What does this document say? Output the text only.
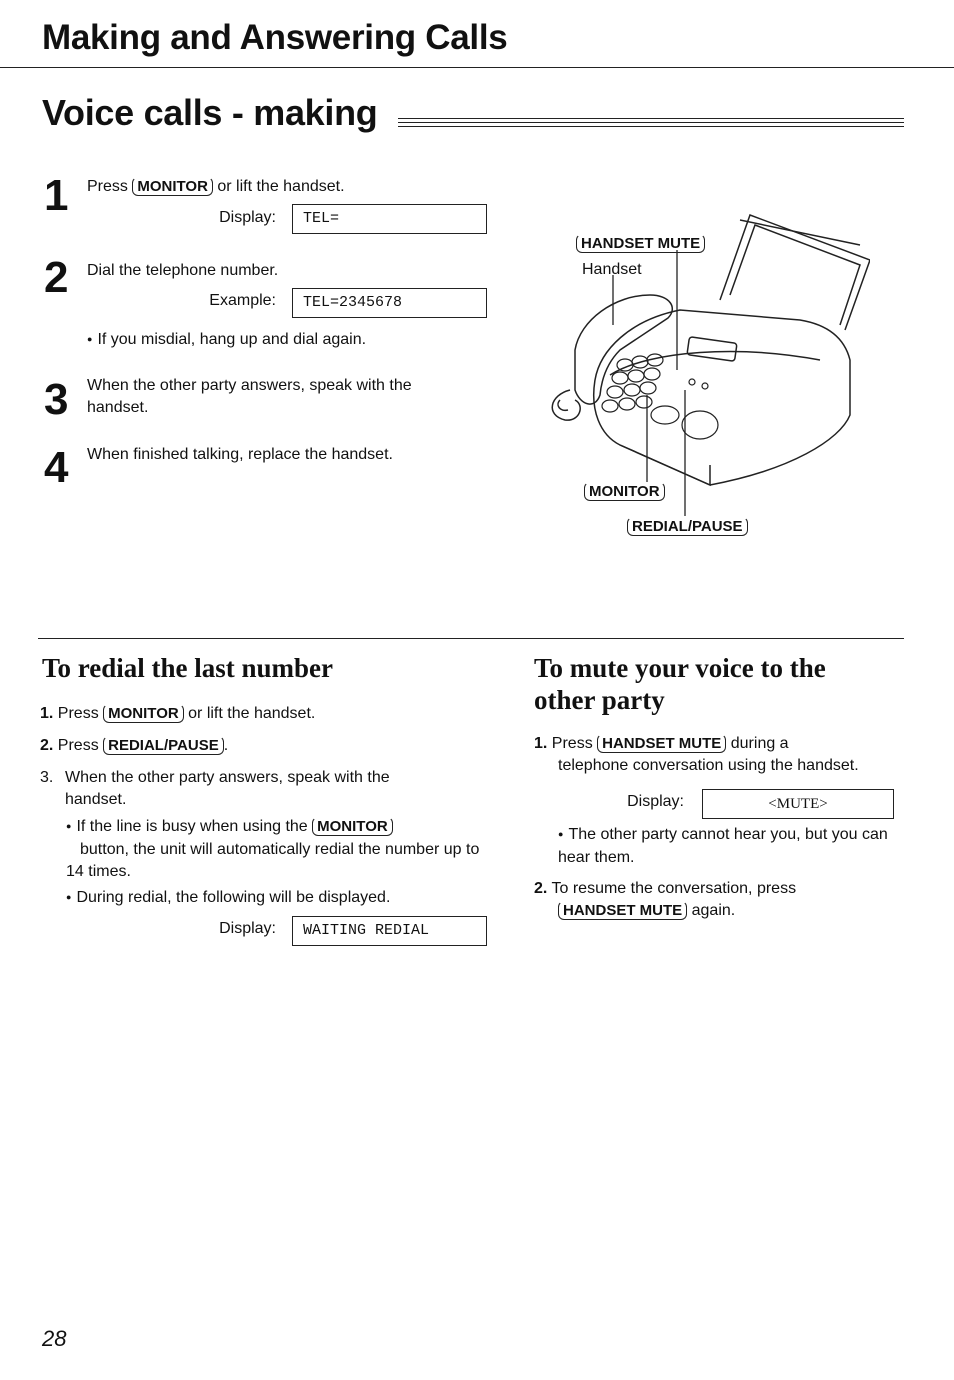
Making and Answering Calls
Voice calls - making
1 Press MONITOR or lift the handset.
Display:	TEL=
2 Dial the telephone number.
Example:	TEL=2345678
● If you misdial, hang up and dial again.
3 When the other party answers, speak with the handset.
4 When finished talking, replace the handset.
HANDSET MUTE
Handset
MONITOR
REDIAL/PAUSE
To redial the last number
1. Press MONITOR or lift the handset.
2. Press REDIAL/PAUSE .
3. When the other party answers, speak with the handset.
● If the line is busy when using the MONITOR
button, the unit will automatically redial the number up to 14 times.
● During redial, the following will be displayed.
Display:	WAITING REDIAL
To mute your voice to the
other party
1. Press HANDSET MUTE during a
telephone conversation using the handset.
Display:	<MUTE>
● The other party cannot hear you, but you can hear them.
2. To resume the conversation, press
HANDSET MUTE again.
28
